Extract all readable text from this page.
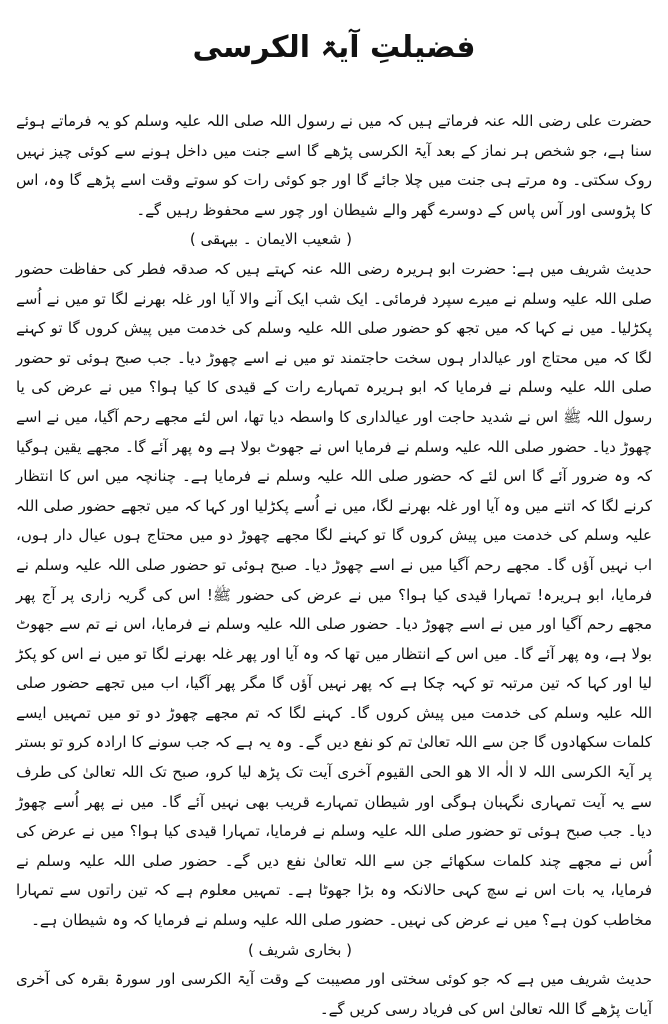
فضیلتِ آیۃ الکرسی

حضرت علی رضی اللہ عنہ فرماتے ہیں کہ میں نے رسول اللہ صلی اللہ علیہ وسلم کو یہ فرماتے ہوئے سنا ہے، جو شخص ہر نماز کے بعد آیۃ الکرسی پڑھے گا اسے جنت میں داخل ہونے سے کوئی چیز نہیں روک سکتی۔ وہ مرتے ہی جنت میں چلا جائے گا اور جو کوئی رات کو سوتے وقت اسے پڑھے گا وہ، اس کا پڑوسی اور آس پاس کے دوسرے گھر والے شیطان اور چور سے محفوظ رہیں گے۔

( شعیب الایمان ۔ بیہقی )

حدیث شریف میں ہے: حضرت ابو ہریرہ رضی اللہ عنہ کہتے ہیں کہ صدقہ فطر کی حفاظت حضور صلی اللہ علیہ وسلم نے میرے سپرد فرمائی۔ ایک شب ایک آنے والا آیا اور غلہ بھرنے لگا تو میں نے اُسے پکڑلیا۔ میں نے کہا کہ میں تجھ کو حضور صلی اللہ علیہ وسلم کی خدمت میں پیش کروں گا تو کہنے لگا کہ میں محتاج اور عیالدار ہوں سخت حاجتمند تو میں نے اسے چھوڑ دیا۔ جب صبح ہوئی تو حضور صلی اللہ علیہ وسلم نے فرمایا کہ ابو ہریرہ تمہارے رات کے قیدی کا کیا ہوا؟ میں نے عرض کی یا رسول اللہ ﷺ اس نے شدید حاجت اور عیالداری کا واسطہ دیا تھا، اس لئے مجھے رحم آگیا، میں نے اسے چھوڑ دیا۔ حضور صلی اللہ علیہ وسلم نے فرمایا اس نے جھوٹ بولا ہے وہ پھر آئے گا۔ مجھے یقین ہوگیا کہ وہ ضرور آئے گا اس لئے کہ حضور صلی اللہ علیہ وسلم نے فرمایا ہے۔ چنانچہ میں اس کا انتظار کرنے لگا کہ اتنے میں وہ آیا اور غلہ بھرنے لگا، میں نے اُسے پکڑلیا اور کہا کہ میں تجھے حضور صلی اللہ علیہ وسلم کی خدمت میں پیش کروں گا تو کہنے لگا مجھے چھوڑ دو میں محتاج ہوں عیال دار ہوں، اب نہیں آؤں گا۔ مجھے رحم آگیا میں نے اسے چھوڑ دیا۔ صبح ہوئی تو حضور صلی اللہ علیہ وسلم نے فرمایا، ابو ہریرہ! تمہارا قیدی کیا ہوا؟ میں نے عرض کی حضور ﷺ! اس کی گریہ زاری پر آج پھر مجھے رحم آگیا اور میں نے اسے چھوڑ دیا۔ حضور صلی اللہ علیہ وسلم نے فرمایا، اس نے تم سے جھوٹ بولا ہے، وہ پھر آئے گا۔ میں اس کے انتظار میں تھا کہ وہ آیا اور پھر غلہ بھرنے لگا تو میں نے اس کو پکڑ لیا اور کہا کہ تین مرتبہ تو کہہ چکا ہے کہ پھر نہیں آؤں گا مگر پھر آگیا، اب میں تجھے حضور صلی اللہ علیہ وسلم کی خدمت میں پیش کروں گا۔ کہنے لگا کہ تم مجھے چھوڑ دو تو میں تمہیں ایسے کلمات سکھادوں گا جن سے اللہ تعالیٰ تم کو نفع دیں گے۔ وہ یہ ہے کہ جب سونے کا ارادہ کرو تو بستر پر آیۃ الکرسی اللہ لا الٰہ الا ھو الحی القیوم آخری آیت تک پڑھ لیا کرو، صبح تک اللہ تعالیٰ کی طرف سے یہ آیت تمہاری نگہبان ہوگی اور شیطان تمہارے قریب بھی نہیں آئے گا۔ میں نے پھر اُسے چھوڑ دیا۔ جب صبح ہوئی تو حضور صلی اللہ علیہ وسلم نے فرمایا، تمہارا قیدی کیا ہوا؟ میں نے عرض کی اُس نے مجھے چند کلمات سکھائے جن سے اللہ تعالیٰ نفع دیں گے۔ حضور صلی اللہ علیہ وسلم نے فرمایا، یہ بات اس نے سچ کہی حالانکہ وہ بڑا جھوٹا ہے۔ تمہیں معلوم ہے کہ تین راتوں سے تمہارا مخاطب کون ہے؟ میں نے عرض کی نہیں۔ حضور صلی اللہ علیہ وسلم نے فرمایا کہ وہ شیطان ہے۔

( بخاری شریف )

حدیث شریف میں ہے کہ جو کوئی سختی اور مصیبت کے وقت آیۃ الکرسی اور سورۃ بقرہ کی آخری آیات پڑھے گا اللہ تعالیٰ اس کی فریاد رسی کریں گے۔
